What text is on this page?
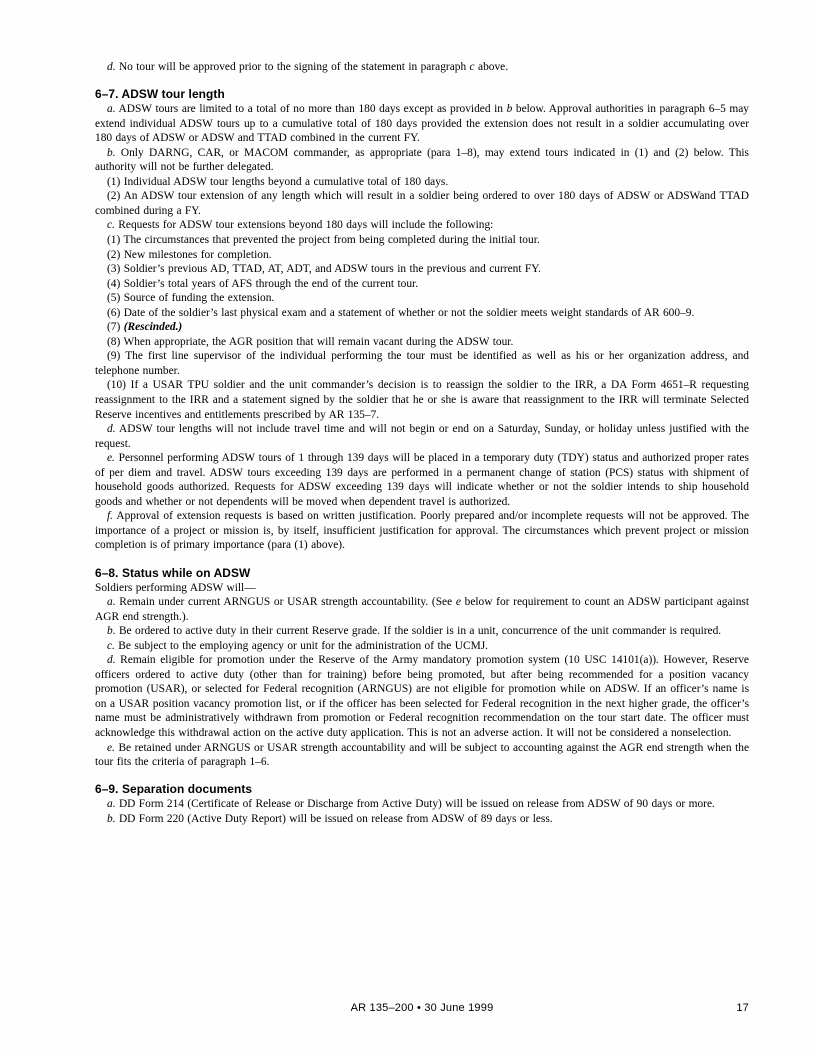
d. No tour will be approved prior to the signing of the statement in paragraph c above.

6–7. ADSW tour length

a. ADSW tours are limited to a total of no more than 180 days except as provided in b below. Approval authorities in paragraph 6–5 may extend individual ADSW tours up to a cumulative total of 180 days provided the extension does not result in a soldier accumulating over 180 days of ADSW or ADSW and TTAD combined in the current FY.

b. Only DARNG, CAR, or MACOM commander, as appropriate (para 1–8), may extend tours indicated in (1) and (2) below. This authority will not be further delegated.

(1) Individual ADSW tour lengths beyond a cumulative total of 180 days.

(2) An ADSW tour extension of any length which will result in a soldier being ordered to over 180 days of ADSW or ADSWand TTAD combined during a FY.

c. Requests for ADSW tour extensions beyond 180 days will include the following:

(1) The circumstances that prevented the project from being completed during the initial tour.

(2) New milestones for completion.

(3) Soldier’s previous AD, TTAD, AT, ADT, and ADSW tours in the previous and current FY.

(4) Soldier’s total years of AFS through the end of the current tour.

(5) Source of funding the extension.

(6) Date of the soldier’s last physical exam and a statement of whether or not the soldier meets weight standards of AR 600–9.

(7) (Rescinded.)

(8) When appropriate, the AGR position that will remain vacant during the ADSW tour.

(9) The first line supervisor of the individual performing the tour must be identified as well as his or her organization address, and telephone number.

(10) If a USAR TPU soldier and the unit commander’s decision is to reassign the soldier to the IRR, a DA Form 4651–R requesting reassignment to the IRR and a statement signed by the soldier that he or she is aware that reassignment to the IRR will terminate Selected Reserve incentives and entitlements prescribed by AR 135–7.

d. ADSW tour lengths will not include travel time and will not begin or end on a Saturday, Sunday, or holiday unless justified with the request.

e. Personnel performing ADSW tours of 1 through 139 days will be placed in a temporary duty (TDY) status and authorized proper rates of per diem and travel. ADSW tours exceeding 139 days are performed in a permanent change of station (PCS) status with shipment of household goods authorized. Requests for ADSW exceeding 139 days will indicate whether or not the soldier intends to ship household goods and whether or not dependents will be moved when dependent travel is authorized.

f. Approval of extension requests is based on written justification. Poorly prepared and/or incomplete requests will not be approved. The importance of a project or mission is, by itself, insufficient justification for approval. The circumstances which prevent project or mission completion is of primary importance (para (1) above).

6–8. Status while on ADSW

Soldiers performing ADSW will—

a. Remain under current ARNGUS or USAR strength accountability. (See e below for requirement to count an ADSW participant against AGR end strength.).

b. Be ordered to active duty in their current Reserve grade. If the soldier is in a unit, concurrence of the unit commander is required.

c. Be subject to the employing agency or unit for the administration of the UCMJ.

d. Remain eligible for promotion under the Reserve of the Army mandatory promotion system (10 USC 14101(a)). However, Reserve officers ordered to active duty (other than for training) before being promoted, but after being recommended for a position vacancy promotion (USAR), or selected for Federal recognition (ARNGUS) are not eligible for promotion while on ADSW. If an officer’s name is on a USAR position vacancy promotion list, or if the officer has been selected for Federal recognition in the next higher grade, the officer’s name must be administratively withdrawn from promotion or Federal recognition recommendation on the tour start date. The officer must acknowledge this withdrawal action on the active duty application. This is not an adverse action. It will not be considered a nonselection.

e. Be retained under ARNGUS or USAR strength accountability and will be subject to accounting against the AGR end strength when the tour fits the criteria of paragraph 1–6.

6–9. Separation documents

a. DD Form 214 (Certificate of Release or Discharge from Active Duty) will be issued on release from ADSW of 90 days or more.

b. DD Form 220 (Active Duty Report) will be issued on release from ADSW of 89 days or less.

AR 135–200 • 30 June 1999	17
